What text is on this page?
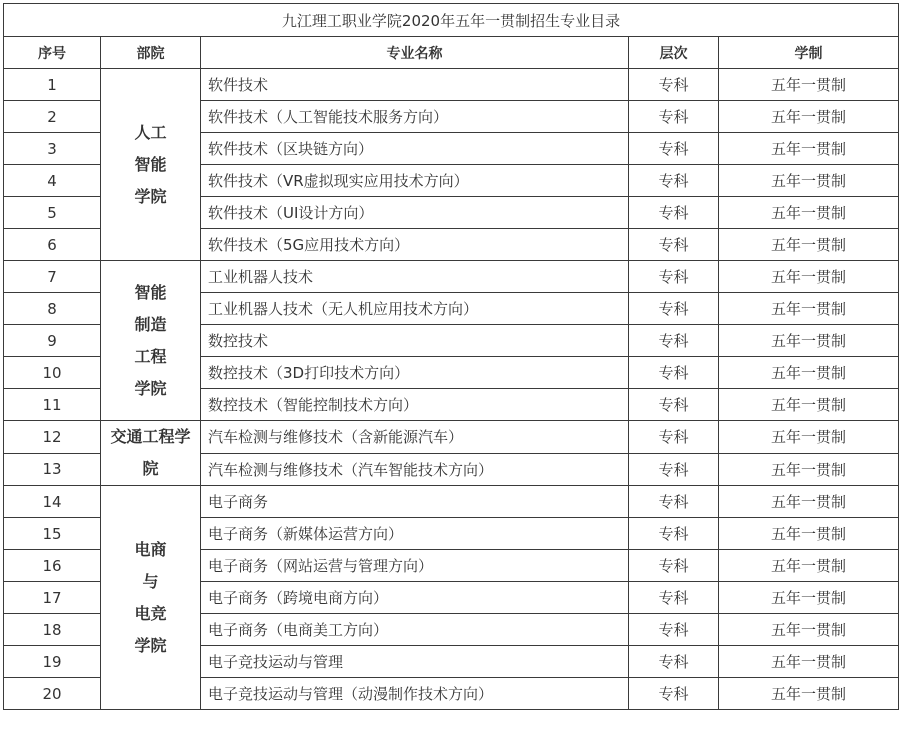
九江理工职业学院2020年五年一贯制招生专业目录				
序号	部院	专业名称	层次	学制
1	人工
智能
学院	软件技术	专科	五年一贯制
2		软件技术（人工智能技术服务方向）	专科	五年一贯制
3		软件技术（区块链方向）	专科	五年一贯制
4		软件技术（VR虚拟现实应用技术方向）	专科	五年一贯制
5		软件技术（UI设计方向）	专科	五年一贯制
6		软件技术（5G应用技术方向）	专科	五年一贯制
7	智能
制造
工程
学院	工业机器人技术	专科	五年一贯制
8		工业机器人技术（无人机应用技术方向）	专科	五年一贯制
9		数控技术	专科	五年一贯制
10		数控技术（3D打印技术方向）	专科	五年一贯制
11		数控技术（智能控制技术方向）	专科	五年一贯制
12	交通工程学
院	汽车检测与维修技术（含新能源汽车）	专科	五年一贯制
13		汽车检测与维修技术（汽车智能技术方向）	专科	五年一贯制
14	电商
与
电竞
学院	电子商务	专科	五年一贯制
15		电子商务（新媒体运营方向）	专科	五年一贯制
16		电子商务（网站运营与管理方向）	专科	五年一贯制
17		电子商务（跨境电商方向）	专科	五年一贯制
18		电子商务（电商美工方向）	专科	五年一贯制
19		电子竞技运动与管理	专科	五年一贯制
20		电子竞技运动与管理（动漫制作技术方向）	专科	五年一贯制
